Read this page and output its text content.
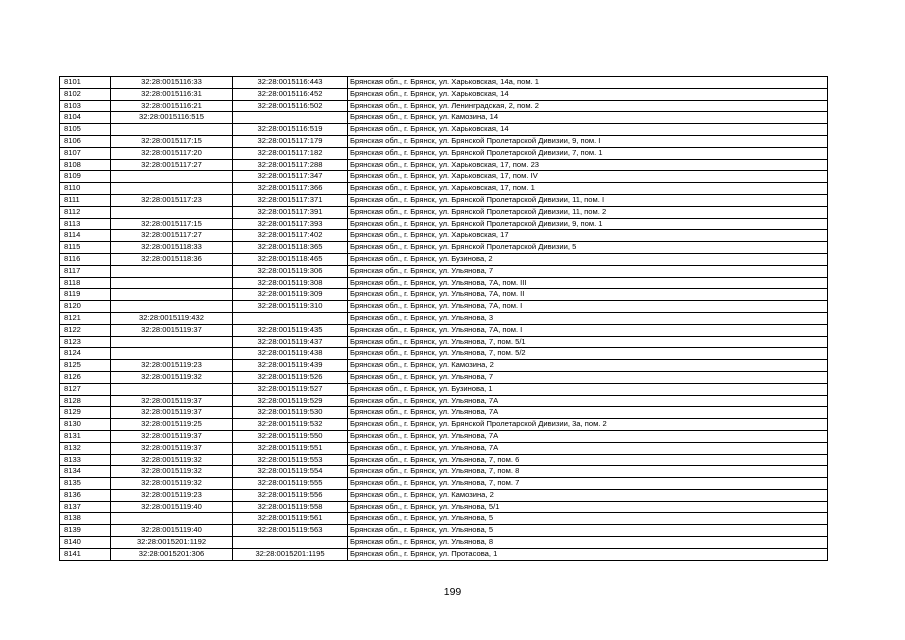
8101	32:28:0015116:33	32:28:0015116:443	Брянская обл., г. Брянск, ул. Харьковская, 14а, пом. 1
8102	32:28:0015116:31	32:28:0015116:452	Брянская обл., г. Брянск, ул. Харьковская, 14
8103	32:28:0015116:21	32:28:0015116:502	Брянская обл., г. Брянск, ул. Ленинградская, 2, пом. 2
8104	32:28:0015116:515		Брянская обл., г. Брянск, ул. Камозина, 14
8105		32:28:0015116:519	Брянская обл., г. Брянск, ул. Харьковская, 14
8106	32:28:0015117:15	32:28:0015117:179	Брянская обл., г. Брянск, ул. Брянской Пролетарской Дивизии, 9, пом. I
8107	32:28:0015117:20	32:28:0015117:182	Брянская обл., г. Брянск, ул. Брянской Пролетарской Дивизии, 7, пом. 1
8108	32:28:0015117:27	32:28:0015117:288	Брянская обл., г. Брянск, ул. Харьковская, 17, пом. 23
8109		32:28:0015117:347	Брянская обл., г. Брянск, ул. Харьковская, 17, пом. IV
8110		32:28:0015117:366	Брянская обл., г. Брянск, ул. Харьковская, 17, пом. 1
8111	32:28:0015117:23	32:28:0015117:371	Брянская обл., г. Брянск, ул. Брянской Пролетарской Дивизии, 11, пом. I
8112		32:28:0015117:391	Брянская обл., г. Брянск, ул. Брянской Пролетарской Дивизии, 11, пом. 2
8113	32:28:0015117:15	32:28:0015117:393	Брянская обл., г. Брянск, ул. Брянской Пролетарской Дивизии, 9, пом. 1
8114	32:28:0015117:27	32:28:0015117:402	Брянская обл., г. Брянск, ул. Харьковская, 17
8115	32:28:0015118:33	32:28:0015118:365	Брянская обл., г. Брянск, ул. Брянской Пролетарской Дивизии, 5
8116	32:28:0015118:36	32:28:0015118:465	Брянская обл., г. Брянск, ул. Бузинова, 2
8117		32:28:0015119:306	Брянская обл., г. Брянск, ул. Ульянова, 7
8118		32:28:0015119:308	Брянская обл., г. Брянск, ул. Ульянова, 7А, пом. III
8119		32:28:0015119:309	Брянская обл., г. Брянск, ул. Ульянова, 7А, пом. II
8120		32:28:0015119:310	Брянская обл., г. Брянск, ул. Ульянова, 7А, пом. I
8121	32:28:0015119:432		Брянская обл., г. Брянск, ул. Ульянова, 3
8122	32:28:0015119:37	32:28:0015119:435	Брянская обл., г. Брянск, ул. Ульянова, 7А, пом. I
8123		32:28:0015119:437	Брянская обл., г. Брянск, ул. Ульянова, 7, пом. 5/1
8124		32:28:0015119:438	Брянская обл., г. Брянск, ул. Ульянова, 7, пом. 5/2
8125	32:28:0015119:23	32:28:0015119:439	Брянская обл., г. Брянск, ул. Камозина, 2
8126	32:28:0015119:32	32:28:0015119:526	Брянская обл., г. Брянск, ул. Ульянова, 7
8127		32:28:0015119:527	Брянская обл., г. Брянск, ул. Бузинова, 1
8128	32:28:0015119:37	32:28:0015119:529	Брянская обл., г. Брянск, ул. Ульянова, 7А
8129	32:28:0015119:37	32:28:0015119:530	Брянская обл., г. Брянск, ул. Ульянова, 7А
8130	32:28:0015119:25	32:28:0015119:532	Брянская обл., г. Брянск, ул. Брянской Пролетарской Дивизии, 3а, пом. 2
8131	32:28:0015119:37	32:28:0015119:550	Брянская обл., г. Брянск, ул. Ульянова, 7А
8132	32:28:0015119:37	32:28:0015119:551	Брянская обл., г. Брянск, ул. Ульянова, 7А
8133	32:28:0015119:32	32:28:0015119:553	Брянская обл., г. Брянск, ул. Ульянова, 7, пом. 6
8134	32:28:0015119:32	32:28:0015119:554	Брянская обл., г. Брянск, ул. Ульянова, 7, пом. 8
8135	32:28:0015119:32	32:28:0015119:555	Брянская обл., г. Брянск, ул. Ульянова, 7, пом. 7
8136	32:28:0015119:23	32:28:0015119:556	Брянская обл., г. Брянск, ул. Камозина, 2
8137	32:28:0015119:40	32:28:0015119:558	Брянская обл., г. Брянск, ул. Ульянова, 5/1
8138		32:28:0015119:561	Брянская обл., г. Брянск, ул. Ульянова, 5
8139	32:28:0015119:40	32:28:0015119:563	Брянская обл., г. Брянск, ул. Ульянова, 5
8140	32:28:0015201:1192		Брянская обл., г. Брянск, ул. Ульянова, 8
8141	32:28:0015201:306	32:28:0015201:1195	Брянская обл., г. Брянск, ул. Протасова, 1
199
